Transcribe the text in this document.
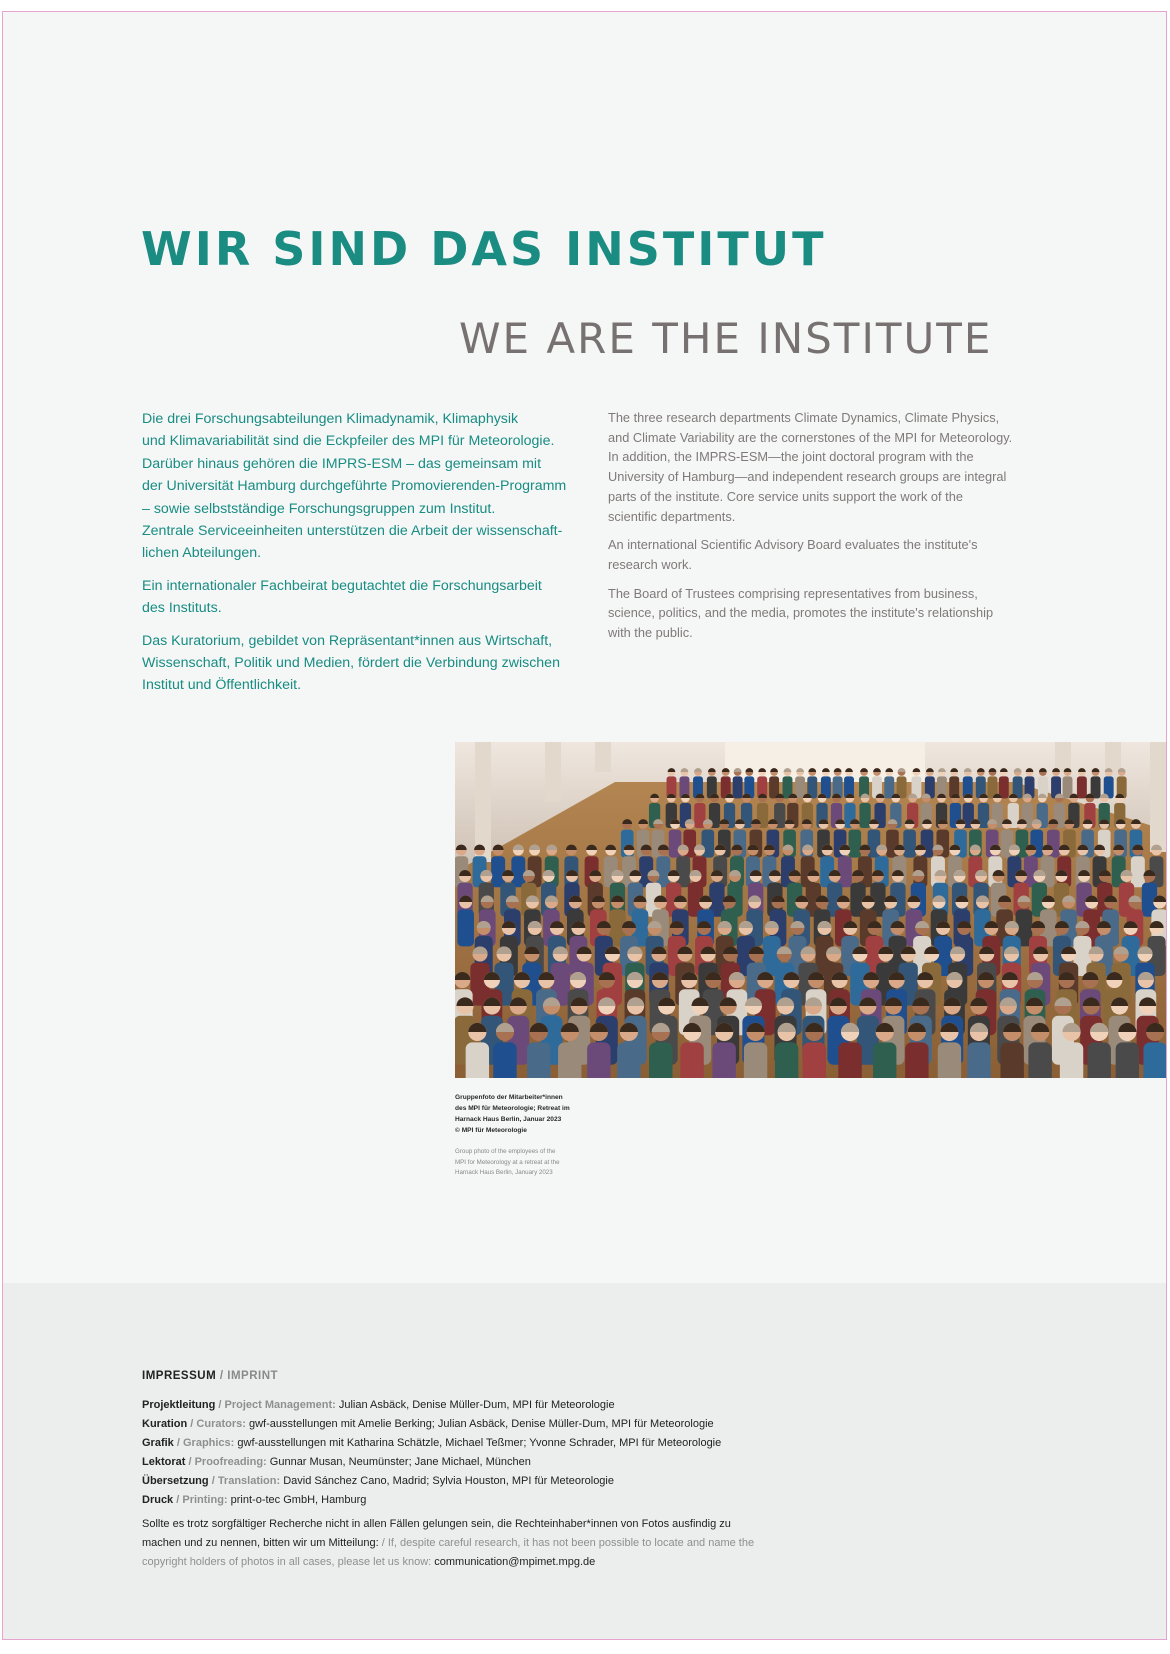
WIR SIND DAS INSTITUT
WE ARE THE INSTITUTE

Die drei Forschungsabteilungen Klimadynamik, Klimaphysik
und Klimavariabilität sind die Eckpfeiler des MPI für Meteorologie.
Darüber hinaus gehören die IMPRS-ESM – das gemeinsam mit
der Universität Hamburg durchgeführte Promovierenden-Programm
– sowie selbstständige Forschungsgruppen zum Institut.
Zentrale Serviceeinheiten unterstützen die Arbeit der wissenschaft-
lichen Abteilungen.

Ein internationaler Fachbeirat begutachtet die Forschungsarbeit
des Instituts.

Das Kuratorium, gebildet von Repräsentant*innen aus Wirtschaft,
Wissenschaft, Politik und Medien, fördert die Verbindung zwischen
Institut und Öffentlichkeit.

The three research departments Climate Dynamics, Climate Physics,
and Climate Variability are the cornerstones of the MPI for Meteorology.
In addition, the IMPRS-ESM—the joint doctoral program with the
University of Hamburg—and independent research groups are integral
parts of the institute. Core service units support the work of the
scientific departments.

An international Scientific Advisory Board evaluates the institute's
research work.

The Board of Trustees comprising representatives from business,
science, politics, and the media, promotes the institute's relationship
with the public.

Gruppenfoto der Mitarbeiter*innen
des MPI für Meteorologie; Retreat im
Harnack Haus Berlin, Januar 2023
© MPI für Meteorologie
Group photo of the employees of the
MPI for Meteorology at a retreat at the
Harnack Haus Berlin, January 2023
IMPRESSUM / IMPRINT
Projektleitung / Project Management: Julian Asbäck, Denise Müller-Dum, MPI für Meteorologie
Kuration / Curators: gwf-ausstellungen mit Amelie Berking; Julian Asbäck, Denise Müller-Dum, MPI für Meteorologie
Grafik / Graphics: gwf-ausstellungen mit Katharina Schätzle, Michael Teßmer; Yvonne Schrader, MPI für Meteorologie
Lektorat / Proofreading: Gunnar Musan, Neumünster; Jane Michael, München
Übersetzung / Translation: David Sánchez Cano, Madrid; Sylvia Houston, MPI für Meteorologie
Druck / Printing: print-o-tec GmbH, Hamburg
Sollte es trotz sorgfältiger Recherche nicht in allen Fällen gelungen sein, die Rechteinhaber*innen von Fotos ausfindig zu machen und zu nennen, bitten wir um Mitteilung: / If, despite careful research, it has not been possible to locate and name the copyright holders of photos in all cases, please let us know: communication@mpimet.mpg.de
